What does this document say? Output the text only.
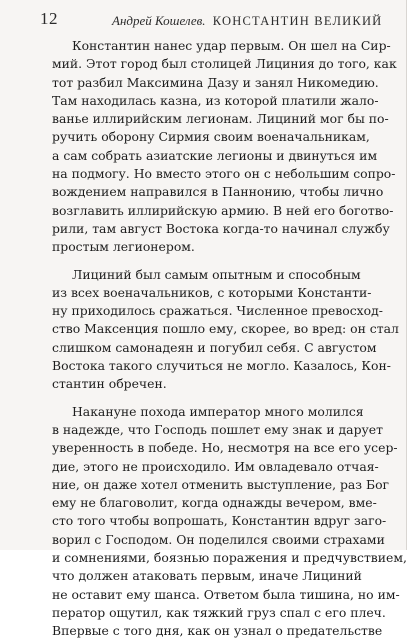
12	Андрей Кошелев. КОНСТАНТИН ВЕЛИКИЙ

Константин нанес удар первым. Он шел на Сир-
мий. Этот город был столицей Лициния до того, как
тот разбил Максимина Дазу и занял Никомедию.
Там находилась казна, из которой платили жало-
ванье иллирийским легионам. Лициний мог бы по-
ручить оборону Сирмия своим военачальникам,
а сам собрать азиатские легионы и двинуться им
на подмогу. Но вместо этого он с небольшим сопро-
вождением направился в Паннонию, чтобы лично
возглавить иллирийскую армию. В ней его боготво-
рили, там август Востока когда-то начинал службу
простым легионером.

Лициний был самым опытным и способным
из всех военачальников, с которыми Константи-
ну приходилось сражаться. Численное превосход-
ство Максенция пошло ему, скорее, во вред: он стал
слишком самонадеян и погубил себя. С августом
Востока такого случиться не могло. Казалось, Кон-
стантин обречен.

Накануне похода император много молился
в надежде, что Господь пошлет ему знак и дарует
уверенность в победе. Но, несмотря на все его усер-
дие, этого не происходило. Им овладевало отчая-
ние, он даже хотел отменить выступление, раз Бог
ему не благоволит, когда однажды вечером, вме-
сто того чтобы вопрошать, Константин вдруг заго-
ворил с Господом. Он поделился своими страхами
и сомнениями, боязнью поражения и предчувствием,
что должен атаковать первым, иначе Лициний
не оставит ему шанса. Ответом была тишина, но им-
ператор ощутил, как тяжкий груз спал с его плеч.
Впервые с того дня, как он узнал о предательстве
